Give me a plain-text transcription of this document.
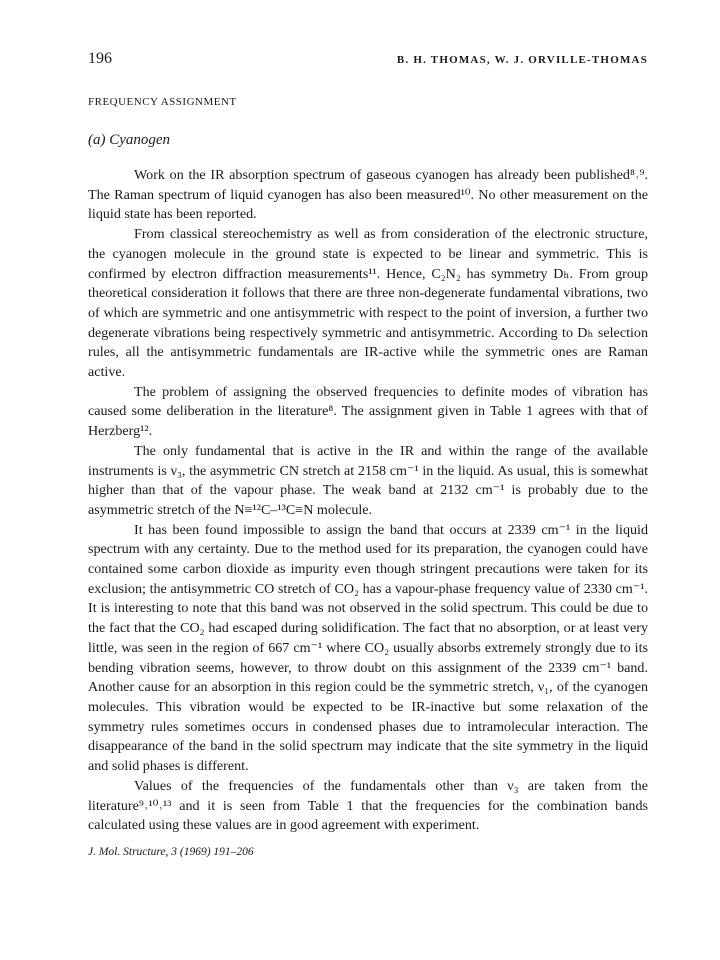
196	B. H. THOMAS, W. J. ORVILLE-THOMAS
FREQUENCY ASSIGNMENT
(a) Cyanogen

Work on the IR absorption spectrum of gaseous cyanogen has already been published⁸˒⁹. The Raman spectrum of liquid cyanogen has also been measured¹⁰. No other measurement on the liquid state has been reported.

From classical stereochemistry as well as from consideration of the electronic structure, the cyanogen molecule in the ground state is expected to be linear and symmetric. This is confirmed by electron diffraction measurements¹¹. Hence, C₂N₂ has symmetry Dₕ. From group theoretical consideration it follows that there are three non-degenerate fundamental vibrations, two of which are symmetric and one antisymmetric with respect to the point of inversion, a further two degenerate vibrations being respectively symmetric and antisymmetric. According to Dₕ selection rules, all the antisymmetric fundamentals are IR-active while the symmetric ones are Raman active.

The problem of assigning the observed frequencies to definite modes of vibration has caused some deliberation in the literature⁸. The assignment given in Table 1 agrees with that of Herzberg¹².

The only fundamental that is active in the IR and within the range of the available instruments is ν₃, the asymmetric CN stretch at 2158 cm⁻¹ in the liquid. As usual, this is somewhat higher than that of the vapour phase. The weak band at 2132 cm⁻¹ is probably due to the asymmetric stretch of the N≡¹²C–¹³C≡N molecule.

It has been found impossible to assign the band that occurs at 2339 cm⁻¹ in the liquid spectrum with any certainty. Due to the method used for its preparation, the cyanogen could have contained some carbon dioxide as impurity even though stringent precautions were taken for its exclusion; the antisymmetric CO stretch of CO₂ has a vapour-phase frequency value of 2330 cm⁻¹. It is interesting to note that this band was not observed in the solid spectrum. This could be due to the fact that the CO₂ had escaped during solidification. The fact that no absorption, or at least very little, was seen in the region of 667 cm⁻¹ where CO₂ usually absorbs extremely strongly due to its bending vibration seems, however, to throw doubt on this assignment of the 2339 cm⁻¹ band. Another cause for an absorption in this region could be the symmetric stretch, ν₁, of the cyanogen molecules. This vibration would be expected to be IR-inactive but some relaxation of the symmetry rules sometimes occurs in condensed phases due to intramolecular interaction. The disappearance of the band in the solid spectrum may indicate that the site symmetry in the liquid and solid phases is different.

Values of the frequencies of the fundamentals other than ν₃ are taken from the literature⁹˒¹⁰˒¹³ and it is seen from Table 1 that the frequencies for the combination bands calculated using these values are in good agreement with experiment.

J. Mol. Structure, 3 (1969) 191–206
